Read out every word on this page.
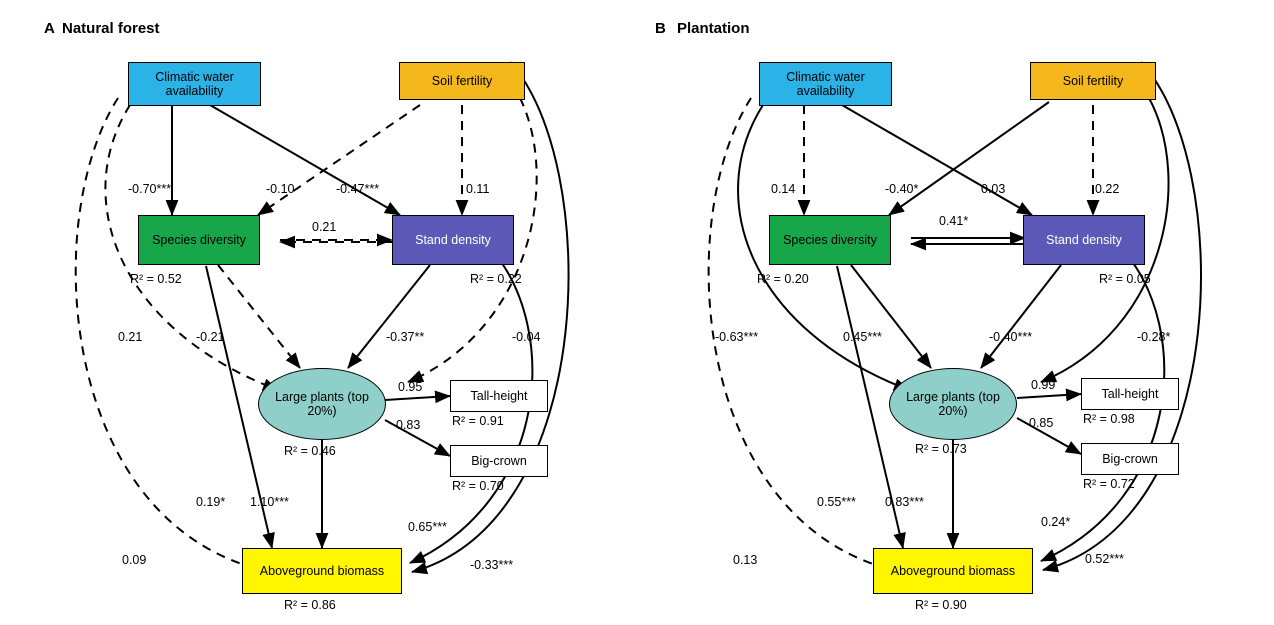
A Natural forest
Climatic water availability
Soil fertility
Species diversity	Stand density
Large plants (top 20%)
Tall-height
Big-crown
Aboveground biomass
R² = 0.52	R² = 0.22
R² = 0.46
R² = 0.91
R² = 0.70
R² = 0.86
-0.70***	-0.10	-0.47***	0.11
0.21
0.21	-0.21	-0.37**	-0.04
0.95
0.83
0.19* 1.10***
0.65***
-0.33***
0.09
B Plantation
Climatic water availability
Soil fertility
Species diversity	Stand density
Large plants (top 20%)
Tall-height
Big-crown
Aboveground biomass
R² = 0.20	R² = 0.05
R² = 0.73
R² = 0.98
R² = 0.72
R² = 0.90
0.14	-0.40*	0.03	0.22
0.41*
-0.63***	0.45***	-0.40***	-0.28*
0.99
0.85
0.55*** 0.83***
0.24*
0.52***
0.13
